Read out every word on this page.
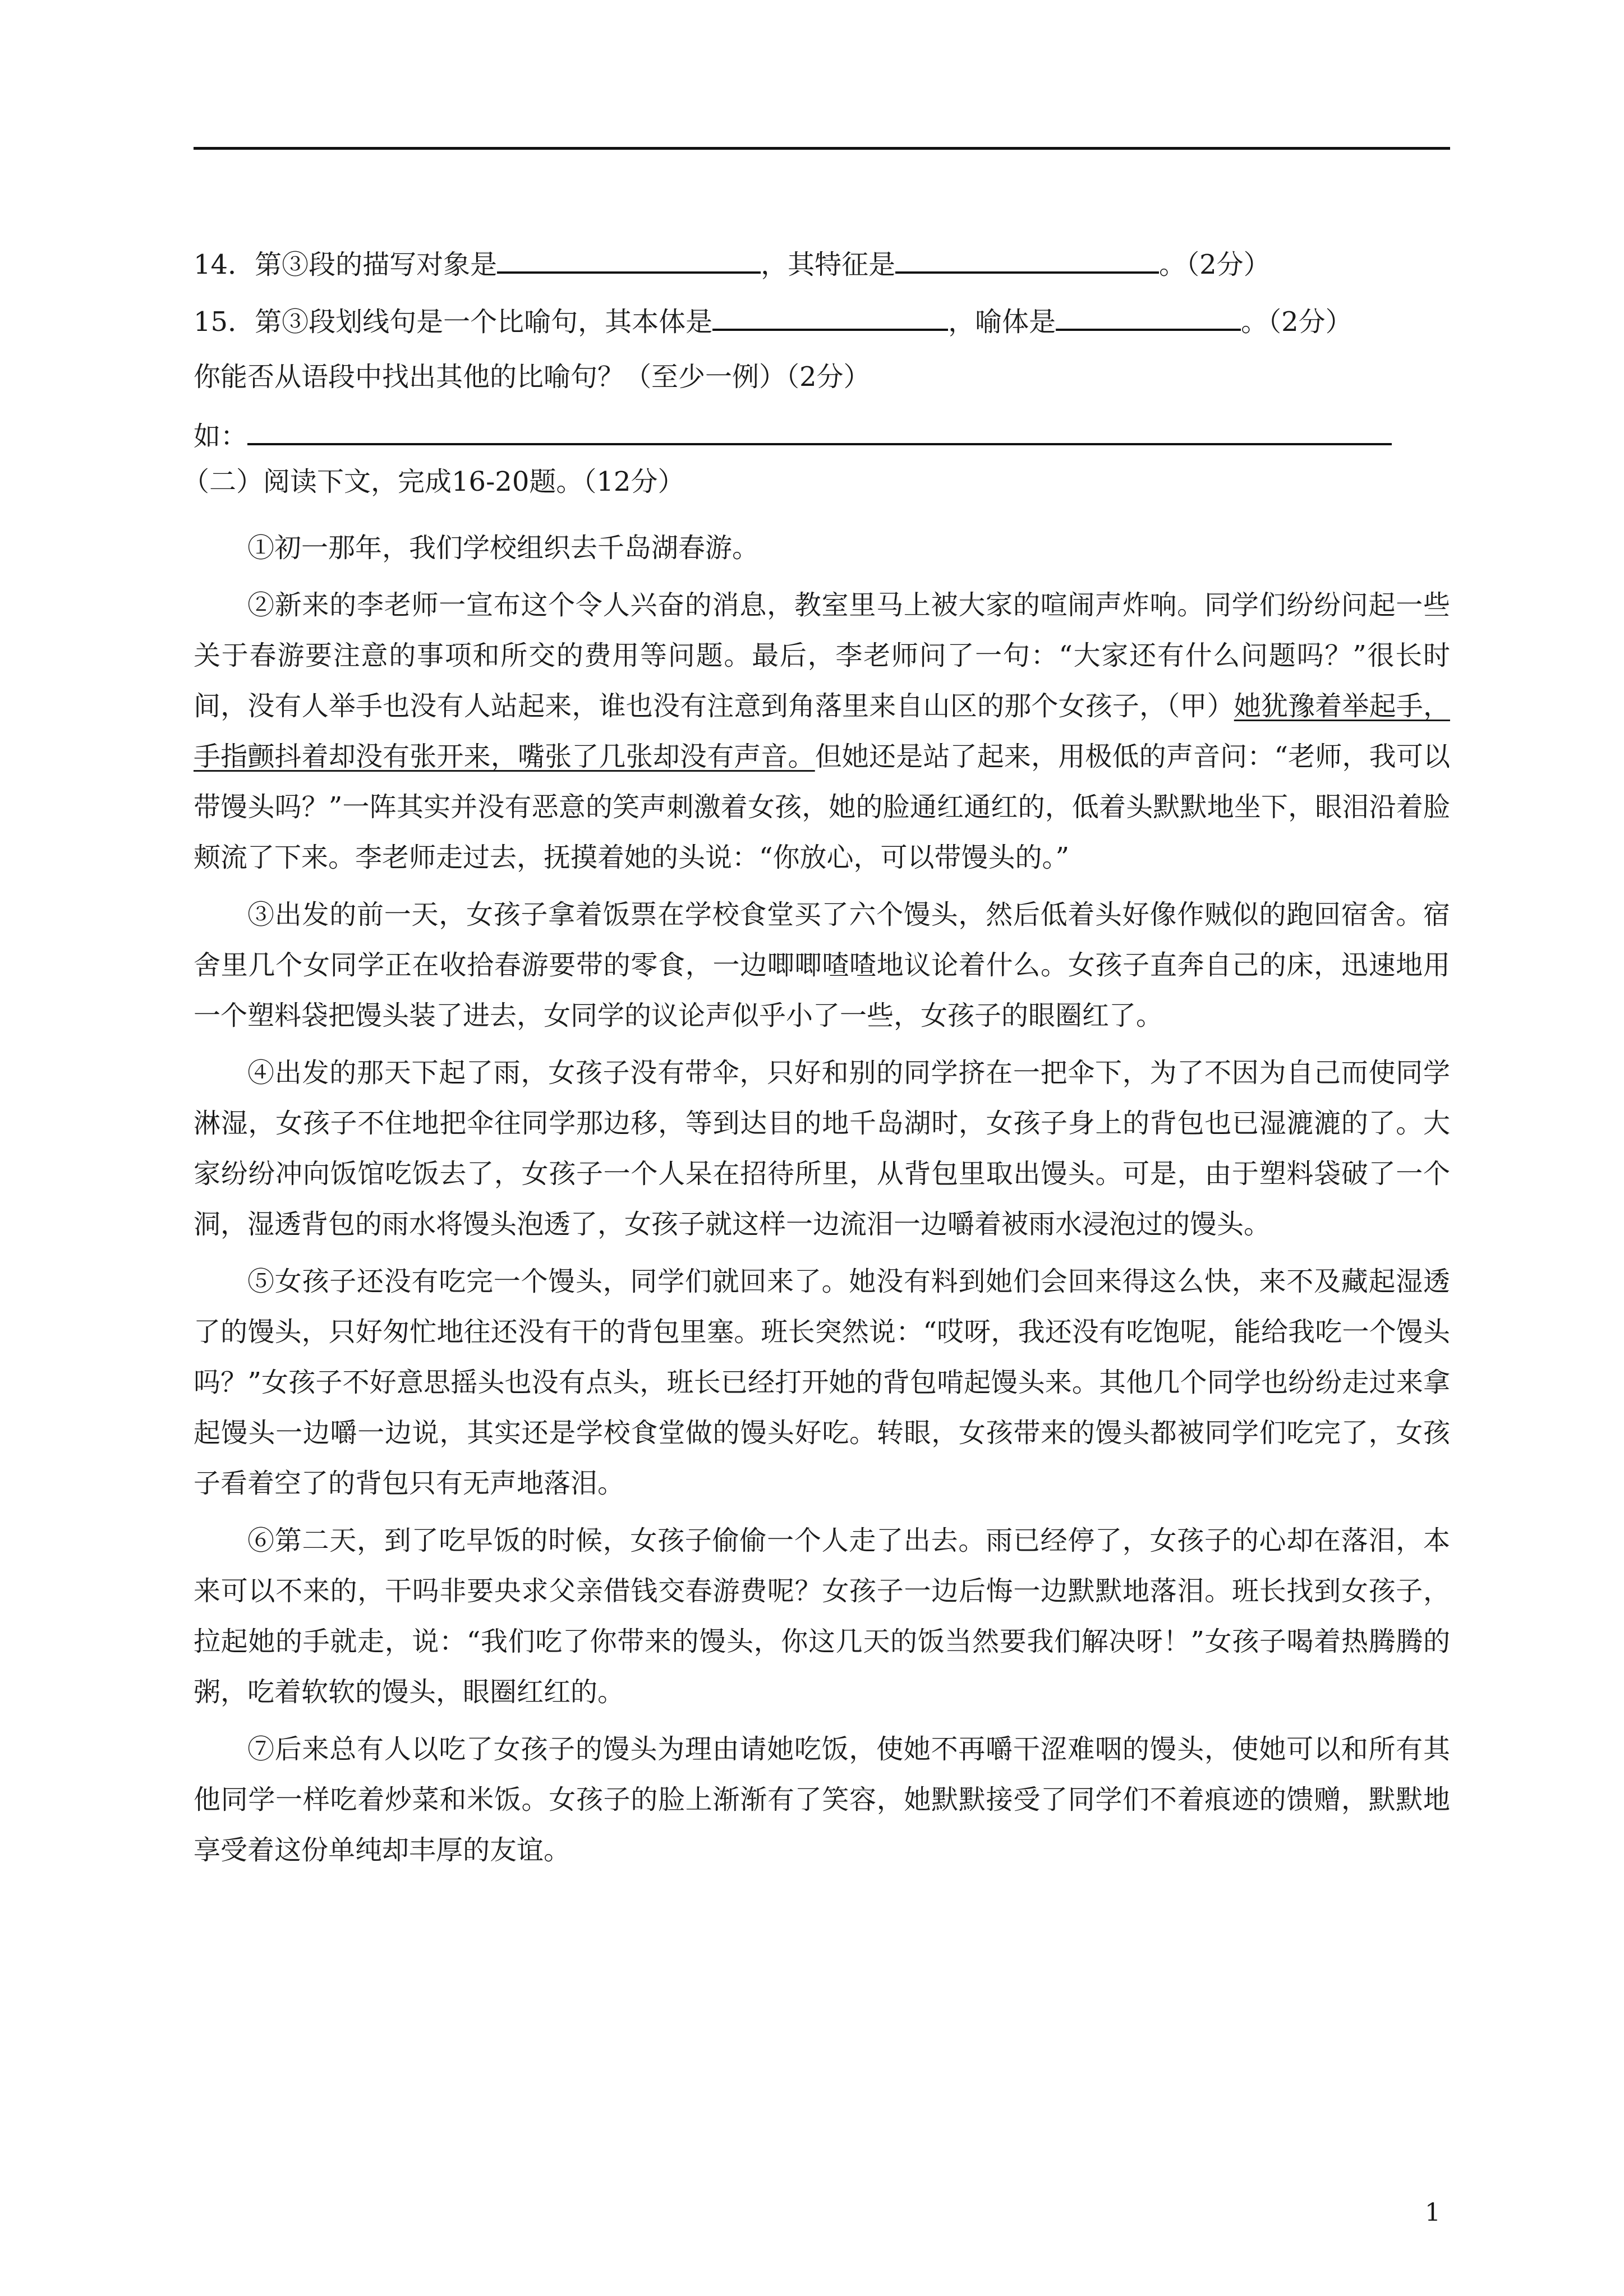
14．第③段的描写对象是	，其特征是	。（2分）
15．第③段划线句是一个比喻句，其本体是	，喻体是	。（2分）
你能否从语段中找出其他的比喻句？（至少一例）（2分）
如：
（二）阅读下文，完成16-20题。（12分）

①初一那年，我们学校组织去千岛湖春游。

②新来的李老师一宣布这个令人兴奋的消息，教室里马上被大家的喧闹声炸响。同学们纷纷问起一些关于春游要注意的事项和所交的费用等问题。最后，李老师问了一句：“大家还有什么问题吗？”很长时间，没有人举手也没有人站起来，谁也没有注意到角落里来自山区的那个女孩子，（甲）她犹豫着举起手，手指颤抖着却没有张开来，嘴张了几张却没有声音。但她还是站了起来，用极低的声音问：“老师，我可以带馒头吗？”一阵其实并没有恶意的笑声刺激着女孩，她的脸通红通红的，低着头默默地坐下，眼泪沿着脸颊流了下来。李老师走过去，抚摸着她的头说：“你放心，可以带馒头的。”

③出发的前一天，女孩子拿着饭票在学校食堂买了六个馒头，然后低着头好像作贼似的跑回宿舍。宿舍里几个女同学正在收拾春游要带的零食，一边唧唧喳喳地议论着什么。女孩子直奔自己的床，迅速地用一个塑料袋把馒头装了进去，女同学的议论声似乎小了一些，女孩子的眼圈红了。

④出发的那天下起了雨，女孩子没有带伞，只好和别的同学挤在一把伞下，为了不因为自己而使同学淋湿，女孩子不住地把伞往同学那边移，等到达目的地千岛湖时，女孩子身上的背包也已湿漉漉的了。大家纷纷冲向饭馆吃饭去了，女孩子一个人呆在招待所里，从背包里取出馒头。可是，由于塑料袋破了一个洞，湿透背包的雨水将馒头泡透了，女孩子就这样一边流泪一边嚼着被雨水浸泡过的馒头。

⑤女孩子还没有吃完一个馒头，同学们就回来了。她没有料到她们会回来得这么快，来不及藏起湿透了的馒头，只好匆忙地往还没有干的背包里塞。班长突然说：“哎呀，我还没有吃饱呢，能给我吃一个馒头吗？”女孩子不好意思摇头也没有点头，班长已经打开她的背包啃起馒头来。其他几个同学也纷纷走过来拿起馒头一边嚼一边说，其实还是学校食堂做的馒头好吃。转眼，女孩带来的馒头都被同学们吃完了，女孩子看着空了的背包只有无声地落泪。

⑥第二天，到了吃早饭的时候，女孩子偷偷一个人走了出去。雨已经停了，女孩子的心却在落泪，本来可以不来的，干吗非要央求父亲借钱交春游费呢？女孩子一边后悔一边默默地落泪。班长找到女孩子，拉起她的手就走，说：“我们吃了你带来的馒头，你这几天的饭当然要我们解决呀！”女孩子喝着热腾腾的粥，吃着软软的馒头，眼圈红红的。

⑦后来总有人以吃了女孩子的馒头为理由请她吃饭，使她不再嚼干涩难咽的馒头，使她可以和所有其他同学一样吃着炒菜和米饭。女孩子的脸上渐渐有了笑容，她默默接受了同学们不着痕迹的馈赠，默默地享受着这份单纯却丰厚的友谊。

1
